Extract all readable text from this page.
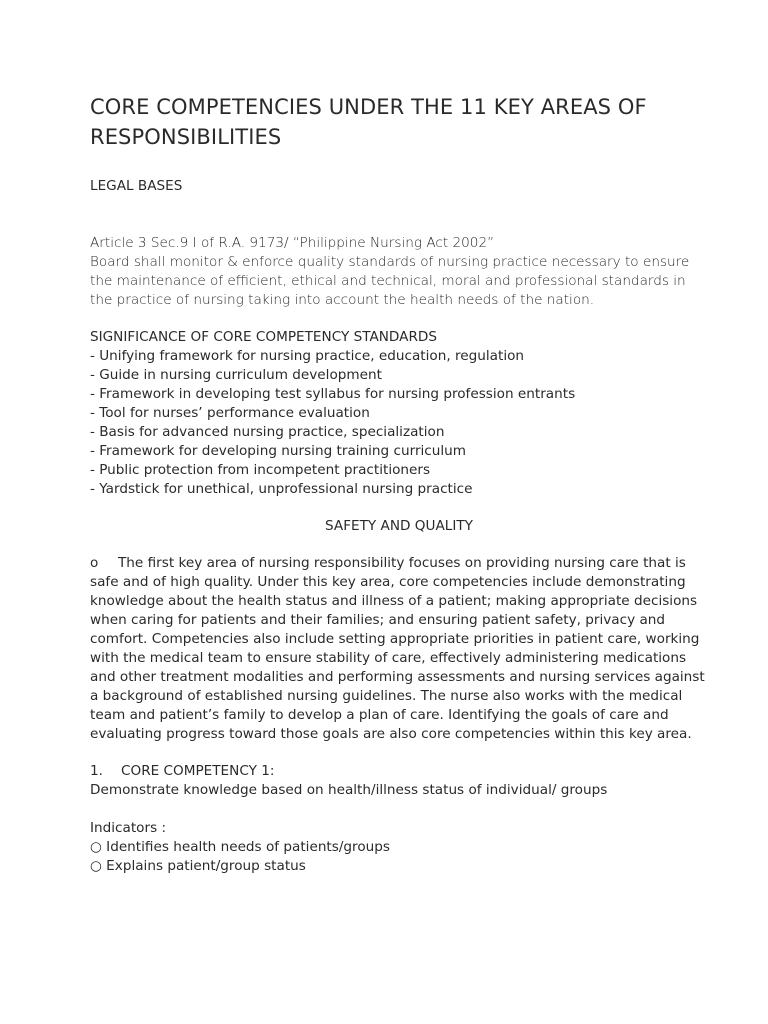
CORE COMPETENCIES UNDER THE 11 KEY AREAS OF RESPONSIBILITIES

LEGAL BASES

Article 3 Sec.9 I of R.A. 9173/ “Philippine Nursing Act 2002”

Board shall monitor & enforce quality standards of nursing practice necessary to ensure the maintenance of efficient, ethical and technical, moral and professional standards in the practice of nursing taking into account the health needs of the nation.

SIGNIFICANCE OF CORE COMPETENCY STANDARDS

- Unifying framework for nursing practice, education, regulation
- Guide in nursing curriculum development
- Framework in developing test syllabus for nursing profession entrants
- Tool for nurses’ performance evaluation
- Basis for advanced nursing practice, specialization
- Framework for developing nursing training curriculum
- Public protection from incompetent practitioners
- Yardstick for unethical, unprofessional nursing practice

SAFETY AND QUALITY

o The first key area of nursing responsibility focuses on providing nursing care that is safe and of high quality. Under this key area, core competencies include demonstrating knowledge about the health status and illness of a patient; making appropriate decisions when caring for patients and their families; and ensuring patient safety, privacy and comfort. Competencies also include setting appropriate priorities in patient care, working with the medical team to ensure stability of care, effectively administering medications and other treatment modalities and performing assessments and nursing services against a background of established nursing guidelines. The nurse also works with the medical team and patient’s family to develop a plan of care. Identifying the goals of care and evaluating progress toward those goals are also core competencies within this key area.

1. CORE COMPETENCY 1:
Demonstrate knowledge based on health/illness status of individual/ groups

Indicators :

○ Identifies health needs of patients/groups
○ Explains patient/group status
